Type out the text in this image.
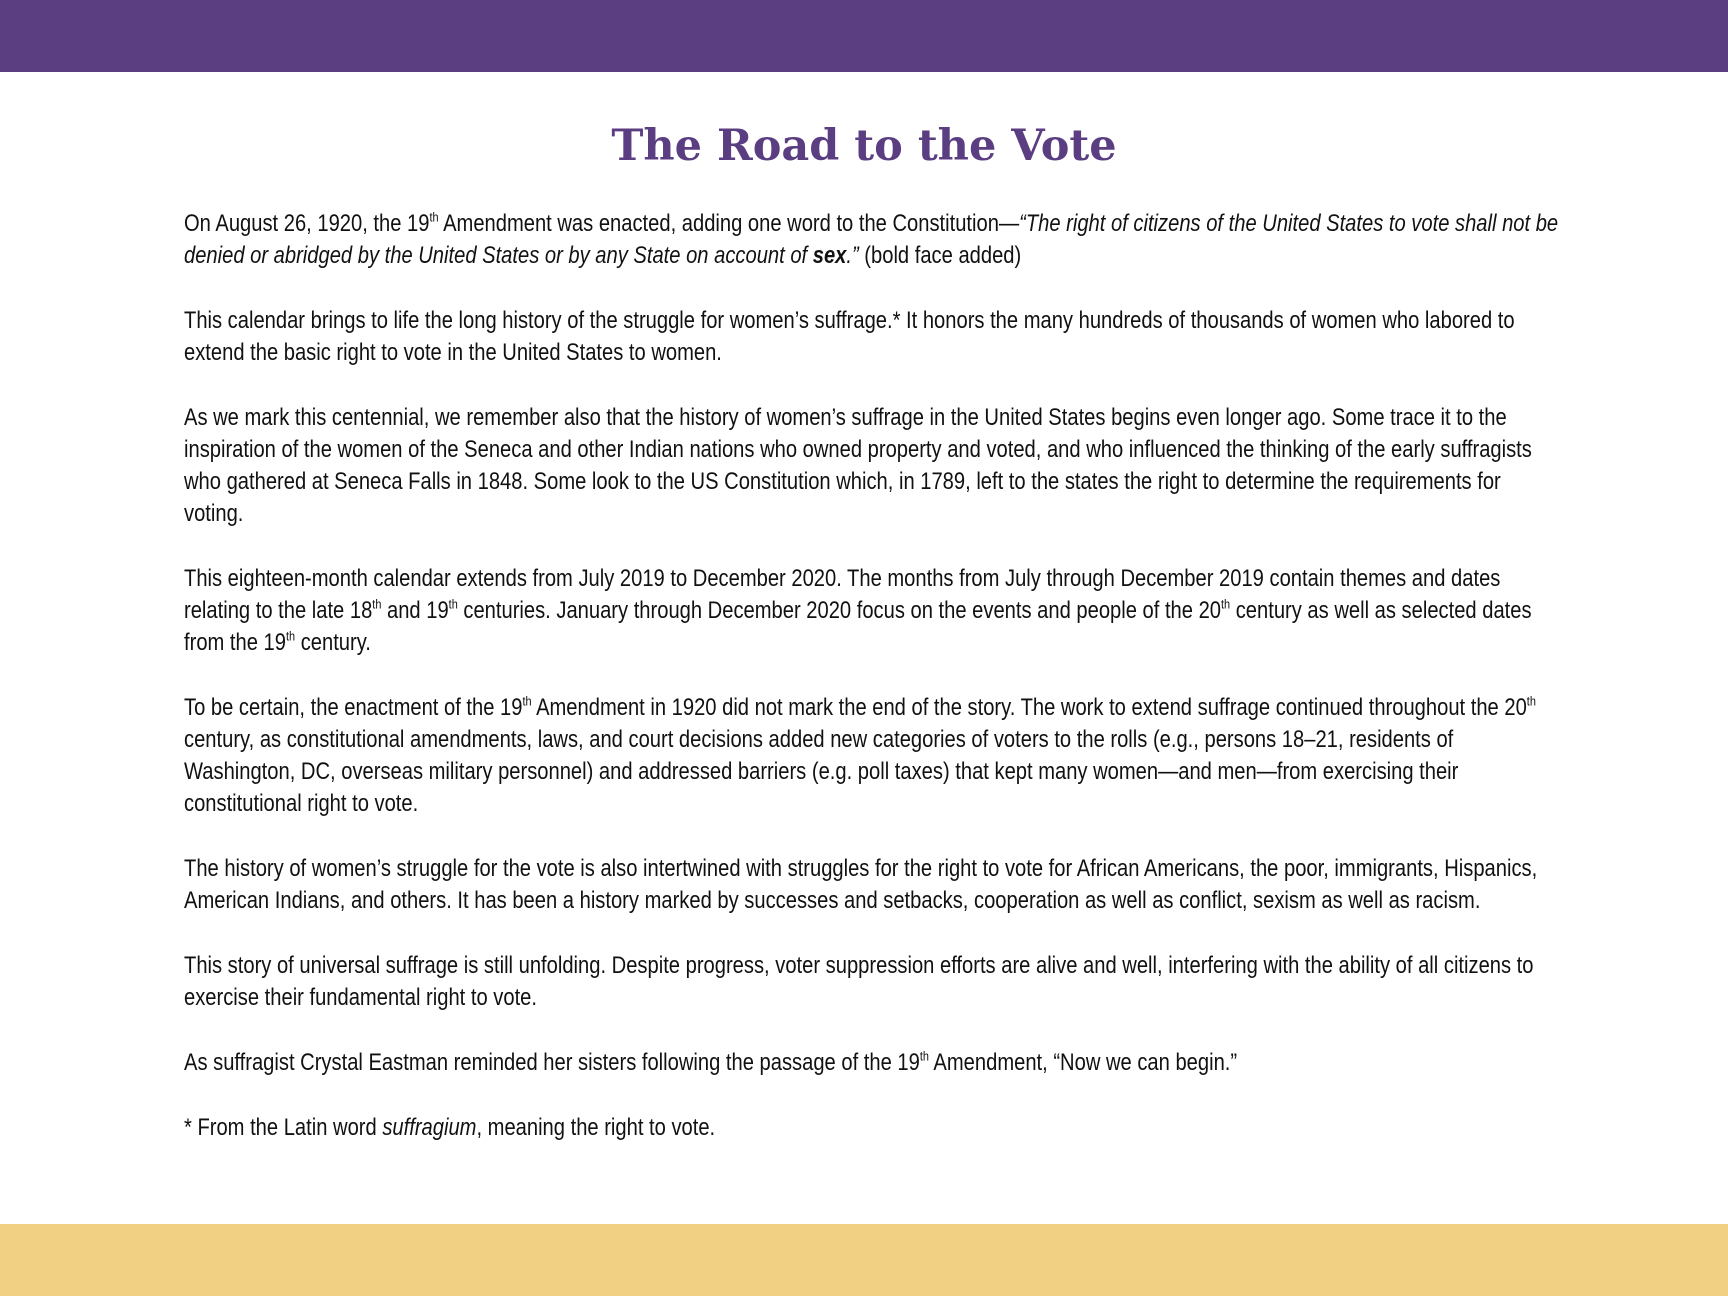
The Road to the Vote

On August 26, 1920, the 19th Amendment was enacted, adding one word to the Constitution—“The right of citizens of the United States to vote shall not be denied or abridged by the United States or by any State on account of sex.” (bold face added)

This calendar brings to life the long history of the struggle for women’s suffrage.* It honors the many hundreds of thousands of women who labored to extend the basic right to vote in the United States to women.

As we mark this centennial, we remember also that the history of women’s suffrage in the United States begins even longer ago. Some trace it to the inspiration of the women of the Seneca and other Indian nations who owned property and voted, and who influenced the thinking of the early suffragists who gathered at Seneca Falls in 1848. Some look to the US Constitution which, in 1789, left to the states the right to determine the requirements for voting.

This eighteen-month calendar extends from July 2019 to December 2020. The months from July through December 2019 contain themes and dates relating to the late 18th and 19th centuries. January through December 2020 focus on the events and people of the 20th century as well as selected dates from the 19th century.

To be certain, the enactment of the 19th Amendment in 1920 did not mark the end of the story. The work to extend suffrage continued throughout the 20th century, as constitutional amendments, laws, and court decisions added new categories of voters to the rolls (e.g., persons 18–21, residents of Washington, DC, overseas military personnel) and addressed barriers (e.g. poll taxes) that kept many women—and men—from exercising their constitutional right to vote.

The history of women’s struggle for the vote is also intertwined with struggles for the right to vote for African Americans, the poor, immigrants, Hispanics, American Indians, and others. It has been a history marked by successes and setbacks, cooperation as well as conflict, sexism as well as racism.

This story of universal suffrage is still unfolding. Despite progress, voter suppression efforts are alive and well, interfering with the ability of all citizens to exercise their fundamental right to vote.

As suffragist Crystal Eastman reminded her sisters following the passage of the 19th Amendment, “Now we can begin.”

* From the Latin word suffragium, meaning the right to vote.
